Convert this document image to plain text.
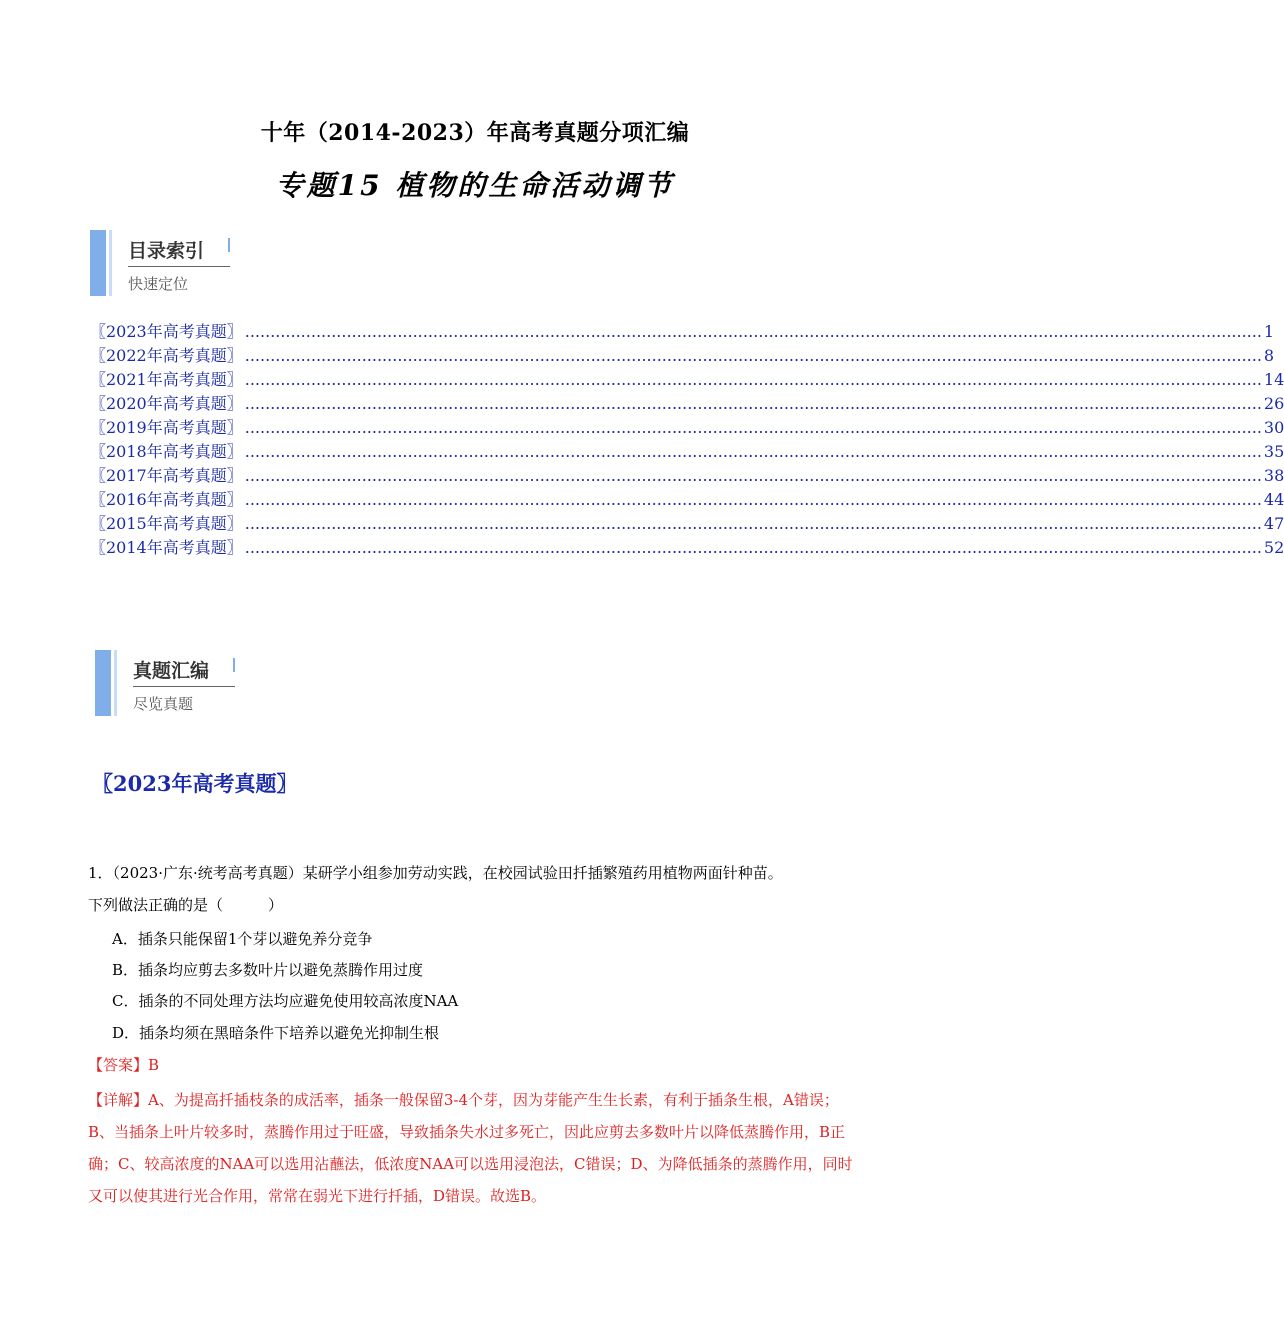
十年（2014-2023）年高考真题分项汇编
专题15 植物的生命活动调节
目录索引
快速定位
〖2023年高考真题〗 ........................................................................................................................................................................................................ 1
〖2022年高考真题〗 ........................................................................................................................................................................................................ 8
〖2021年高考真题〗 ........................................................................................................................................................................................................ 14
〖2020年高考真题〗 ........................................................................................................................................................................................................ 26
〖2019年高考真题〗 ........................................................................................................................................................................................................ 30
〖2018年高考真题〗 ........................................................................................................................................................................................................ 35
〖2017年高考真题〗 ........................................................................................................................................................................................................ 38
〖2016年高考真题〗 ........................................................................................................................................................................................................ 44
〖2015年高考真题〗 ........................................................................................................................................................................................................ 47
〖2014年高考真题〗 ........................................................................................................................................................................................................ 52
真题汇编
尽览真题
〖2023年高考真题〗
1．（2023·广东·统考高考真题）某研学小组参加劳动实践，在校园试验田扦插繁殖药用植物两面针种苗。
下列做法正确的是（　　　）
A．插条只能保留1个芽以避免养分竞争
B．插条均应剪去多数叶片以避免蒸腾作用过度
C．插条的不同处理方法均应避免使用较高浓度NAA
D．插条均须在黑暗条件下培养以避免光抑制生根
【答案】B
【详解】A、为提高扦插枝条的成活率，插条一般保留3-4个芽，因为芽能产生生长素，有利于插条生根，A错误；B、当插条上叶片较多时，蒸腾作用过于旺盛，导致插条失水过多死亡，因此应剪去多数叶片以降低蒸腾作用，B正确；C、较高浓度的NAA可以选用沾蘸法，低浓度NAA可以选用浸泡法，C错误；D、为降低插条的蒸腾作用，同时又可以使其进行光合作用，常常在弱光下进行扦插，D错误。故选B。
